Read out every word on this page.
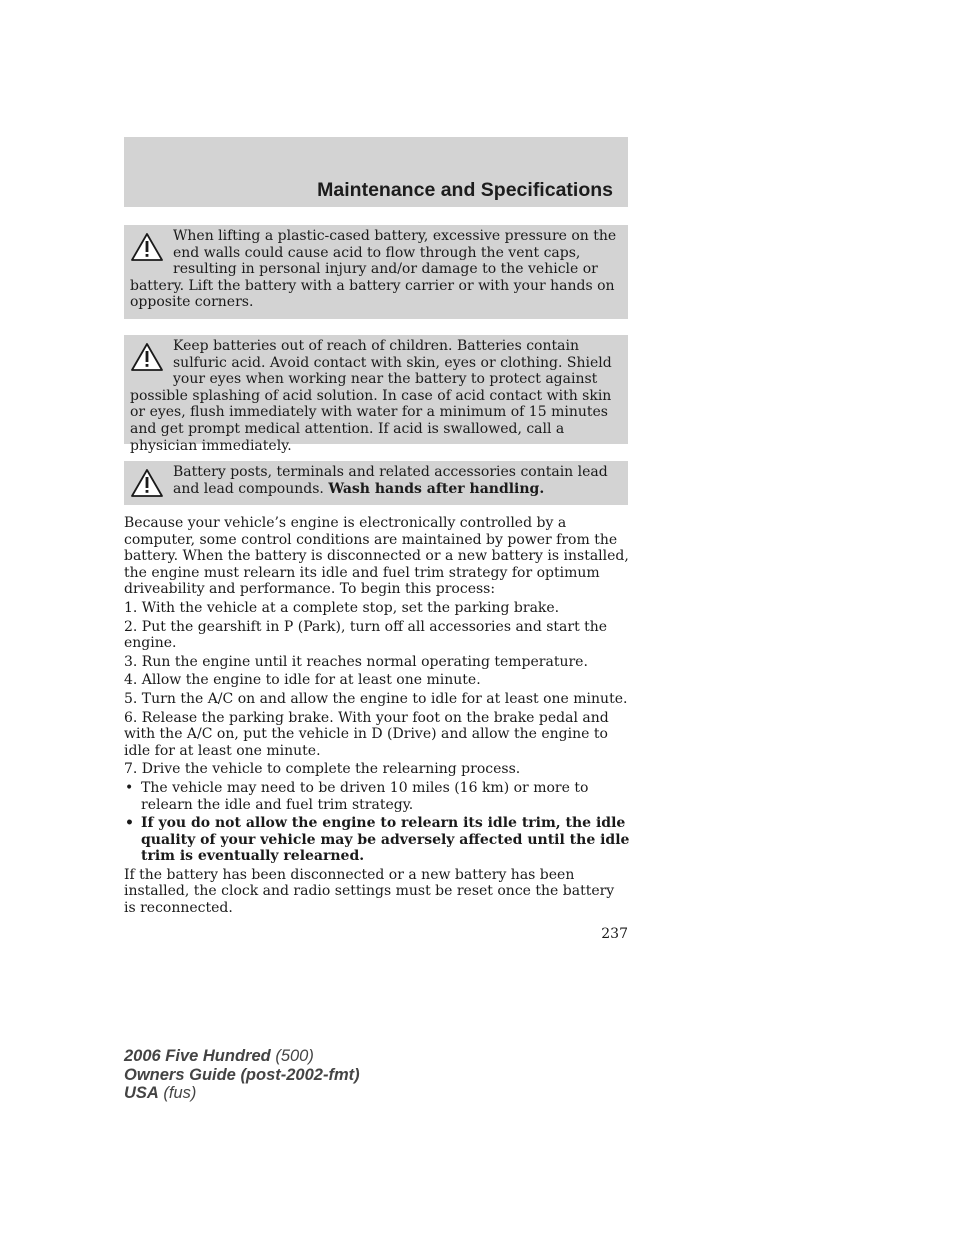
Maintenance and Specifications

When lifting a plastic-cased battery, excessive pressure on the end walls could cause acid to flow through the vent caps, resulting in personal injury and/or damage to the vehicle or battery. Lift the battery with a battery carrier or with your hands on opposite corners.

Keep batteries out of reach of children. Batteries contain sulfuric acid. Avoid contact with skin, eyes or clothing. Shield your eyes when working near the battery to protect against possible splashing of acid solution. In case of acid contact with skin or eyes, flush immediately with water for a minimum of 15 minutes and get prompt medical attention. If acid is swallowed, call a physician immediately.

Battery posts, terminals and related accessories contain lead and lead compounds. Wash hands after handling.

Because your vehicle’s engine is electronically controlled by a computer, some control conditions are maintained by power from the battery. When the battery is disconnected or a new battery is installed, the engine must relearn its idle and fuel trim strategy for optimum driveability and performance. To begin this process:

1. With the vehicle at a complete stop, set the parking brake.

2. Put the gearshift in P (Park), turn off all accessories and start the engine.

3. Run the engine until it reaches normal operating temperature.

4. Allow the engine to idle for at least one minute.

5. Turn the A/C on and allow the engine to idle for at least one minute.

6. Release the parking brake. With your foot on the brake pedal and with the A/C on, put the vehicle in D (Drive) and allow the engine to idle for at least one minute.

7. Drive the vehicle to complete the relearning process.

• The vehicle may need to be driven 10 miles (16 km) or more to relearn the idle and fuel trim strategy.
• If you do not allow the engine to relearn its idle trim, the idle quality of your vehicle may be adversely affected until the idle trim is eventually relearned.

If the battery has been disconnected or a new battery has been installed, the clock and radio settings must be reset once the battery is reconnected.

237

2006 Five Hundred (500)
Owners Guide (post-2002-fmt)
USA (fus)
